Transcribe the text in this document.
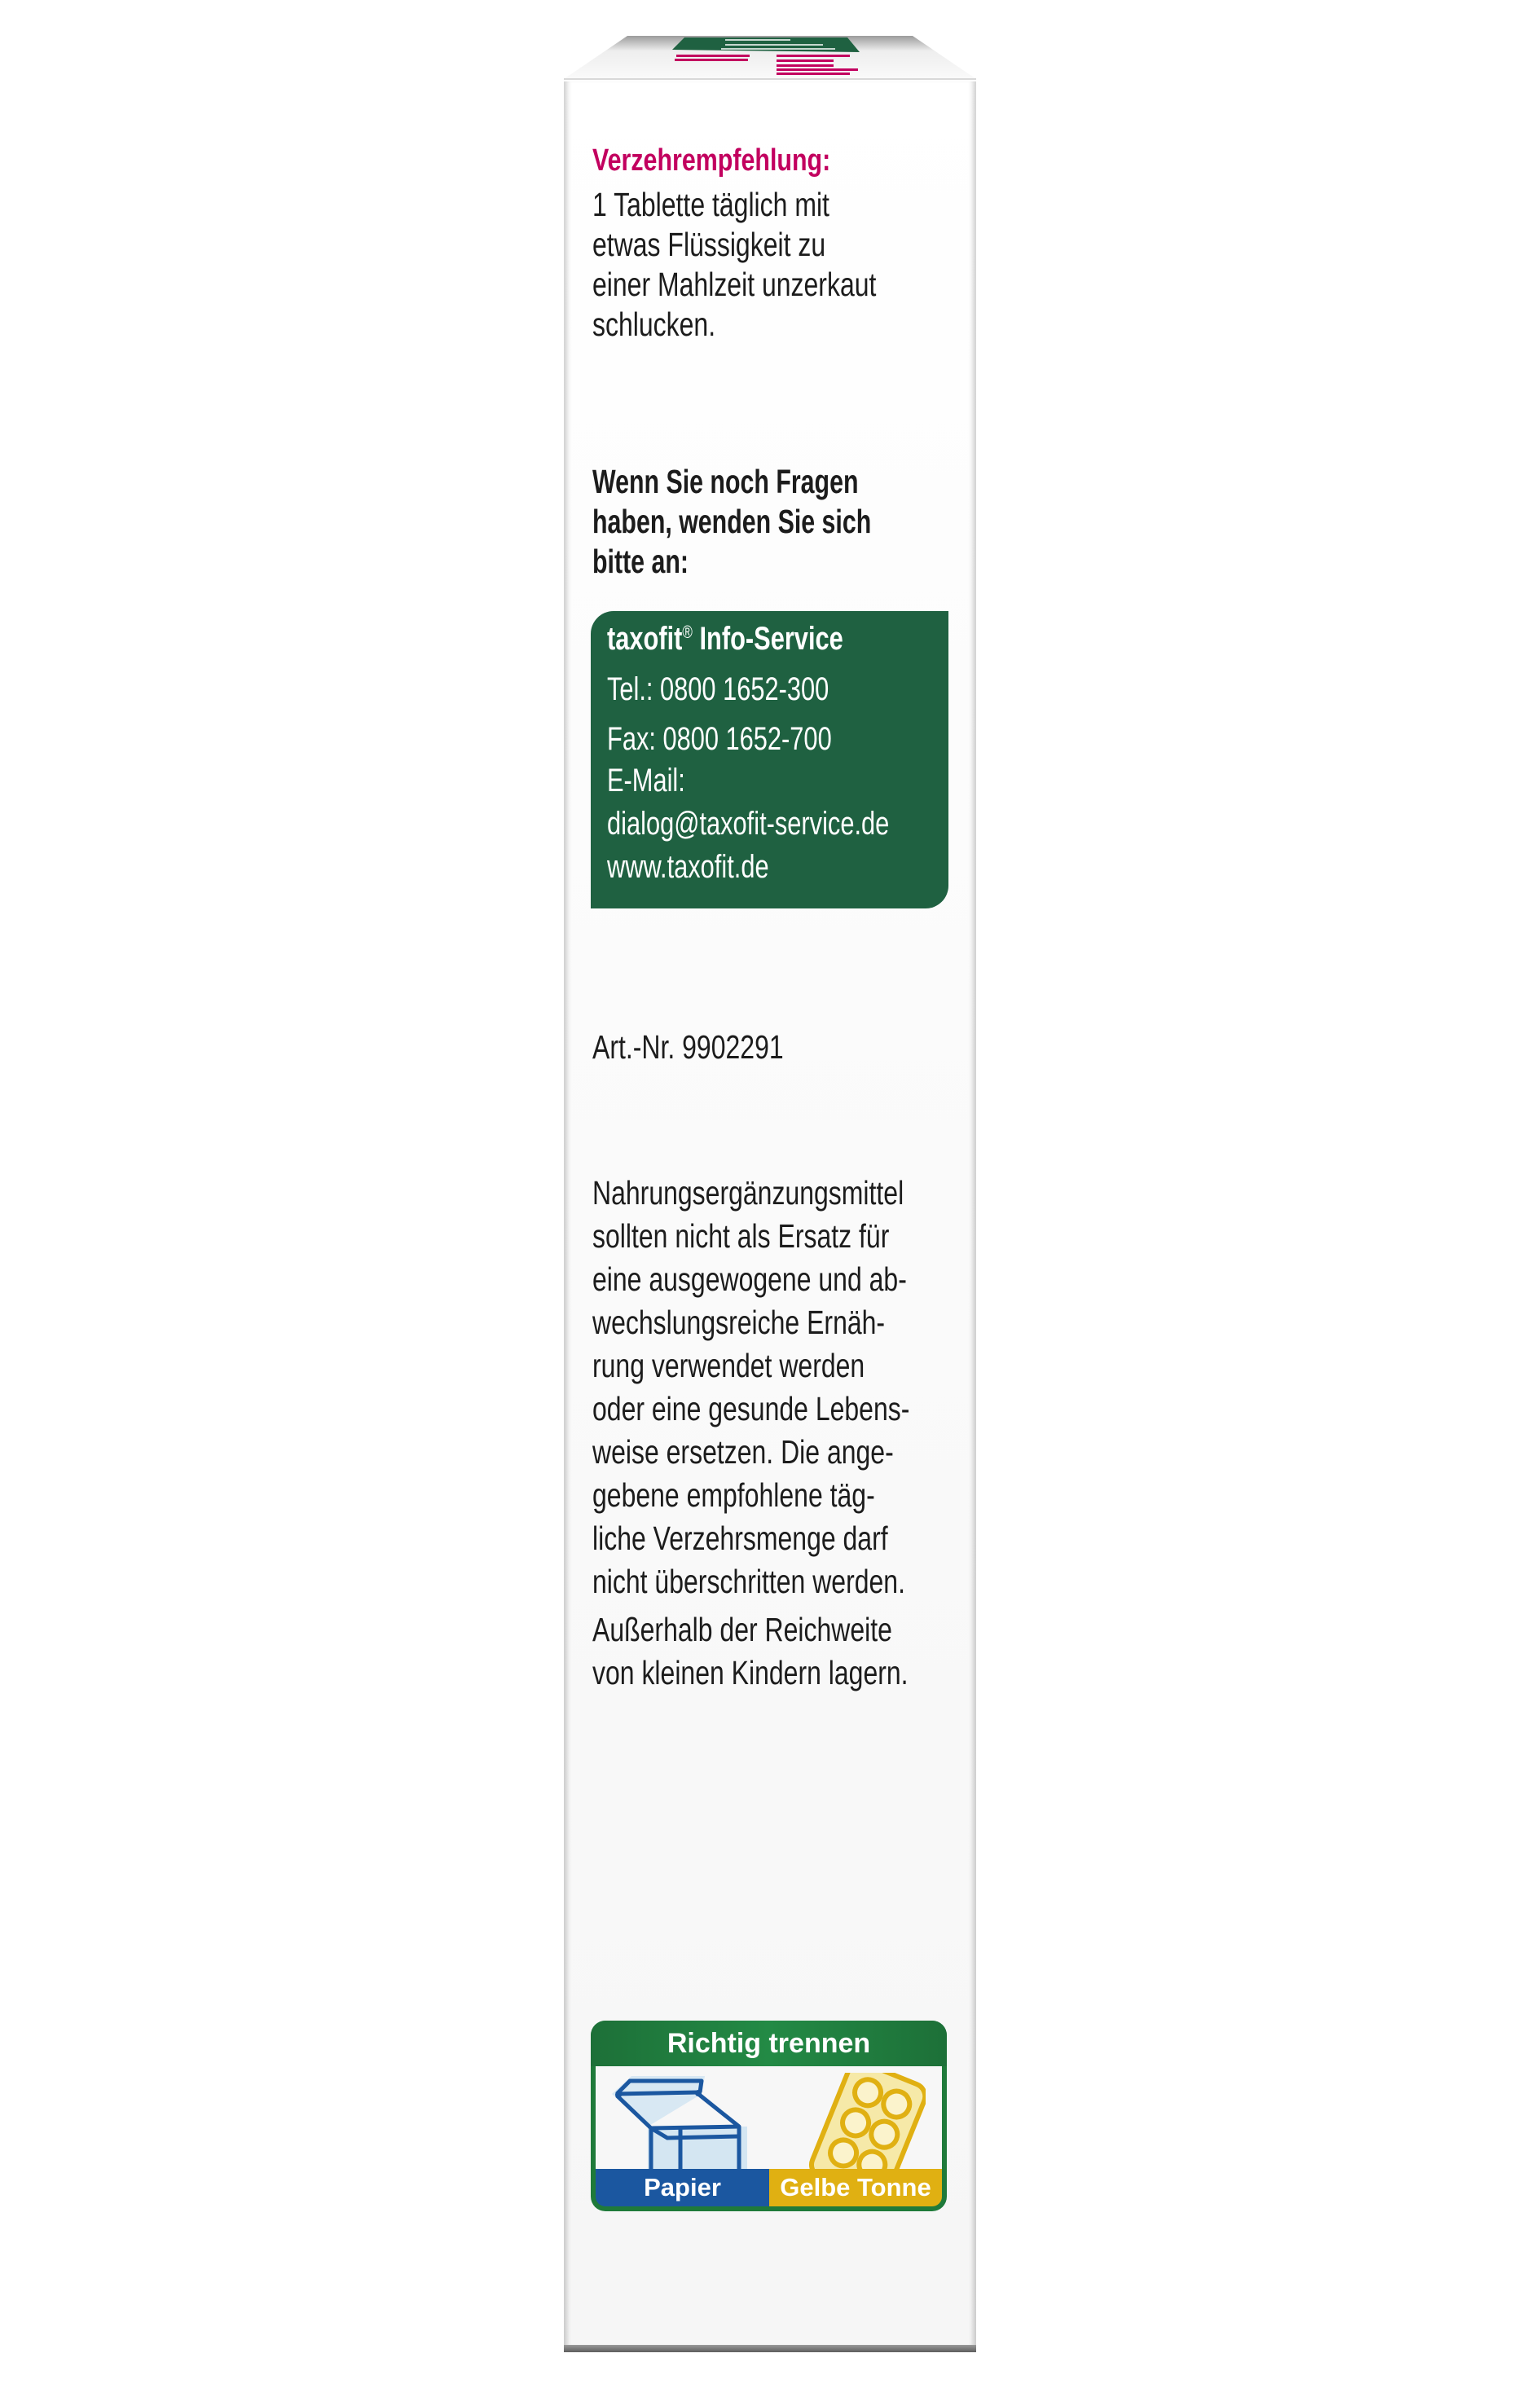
Verzehrempfehlung:
1 Tablette täglich mit
etwas Flüssigkeit zu
einer Mahlzeit unzerkaut
schlucken.
Wenn Sie noch Fragen
haben, wenden Sie sich
bitte an:
taxofit® Info-Service
Tel.: 0800 1652-300
Fax: 0800 1652-700
E-Mail:
dialog@taxofit-service.de
www.taxofit.de
Art.-Nr. 9902291
Nahrungsergänzungsmittel
sollten nicht als Ersatz für
eine ausgewogene und ab-
wechslungsreiche Ernäh-
rung verwendet werden
oder eine gesunde Lebens-
weise ersetzen. Die ange-
gebene empfohlene täg-
liche Verzehrsmenge darf
nicht überschritten werden.
Außerhalb der Reichweite
von kleinen Kindern lagern.
Richtig trennen
Papier	Gelbe Tonne
